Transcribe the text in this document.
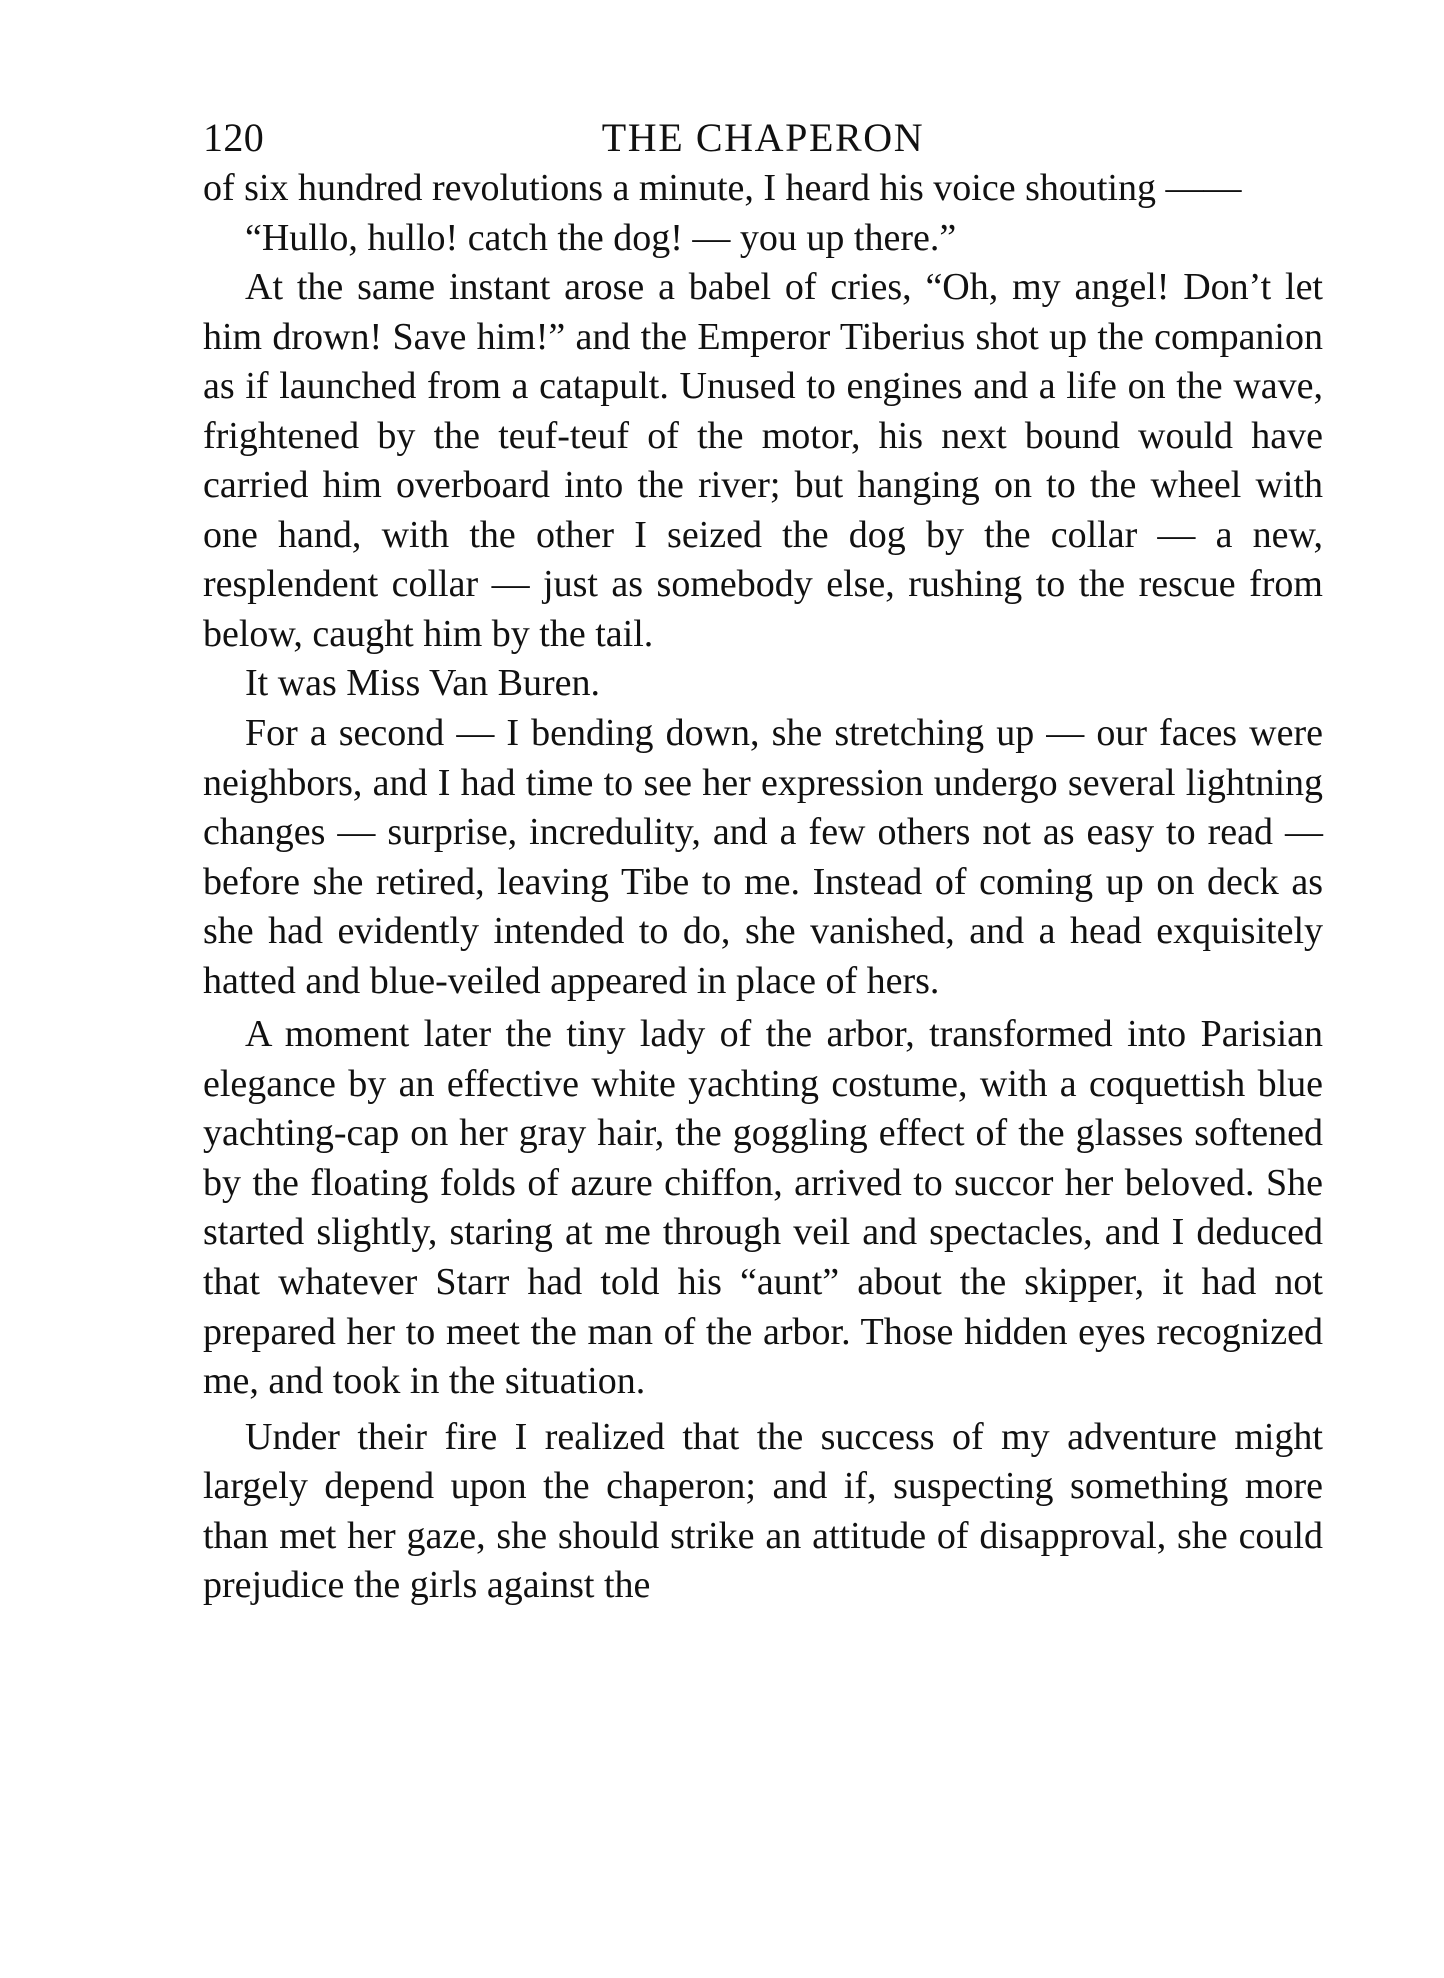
THE CHAPERON
120

of six hundred revolutions a minute, I heard his voice shouting ——

“Hullo, hullo! catch the dog! — you up there.”

At the same instant arose a babel of cries, “Oh, my angel! Don’t let him drown! Save him!” and the Emperor Tiberius shot up the companion as if launched from a catapult. Unused to engines and a life on the wave, frightened by the teuf-teuf of the motor, his next bound would have carried him overboard into the river; but hanging on to the wheel with one hand, with the other I seized the dog by the collar — a new, resplendent collar — just as somebody else, rushing to the rescue from below, caught him by the tail.

It was Miss Van Buren.

For a second — I bending down, she stretching up — our faces were neighbors, and I had time to see her expression undergo several lightning changes — surprise, incredulity, and a few others not as easy to read — before she retired, leaving Tibe to me. Instead of coming up on deck as she had evidently intended to do, she vanished, and a head exquisitely hatted and blue-veiled appeared in place of hers.

A moment later the tiny lady of the arbor, transformed into Parisian elegance by an effective white yachting costume, with a coquettish blue yachting-cap on her gray hair, the goggling effect of the glasses softened by the floating folds of azure chiffon, arrived to succor her beloved. She started slightly, staring at me through veil and spectacles, and I deduced that whatever Starr had told his “aunt” about the skipper, it had not prepared her to meet the man of the arbor. Those hidden eyes recognized me, and took in the situation.

Under their fire I realized that the success of my adventure might largely depend upon the chaperon; and if, suspecting something more than met her gaze, she should strike an attitude of disapproval, she could prejudice the girls against the
